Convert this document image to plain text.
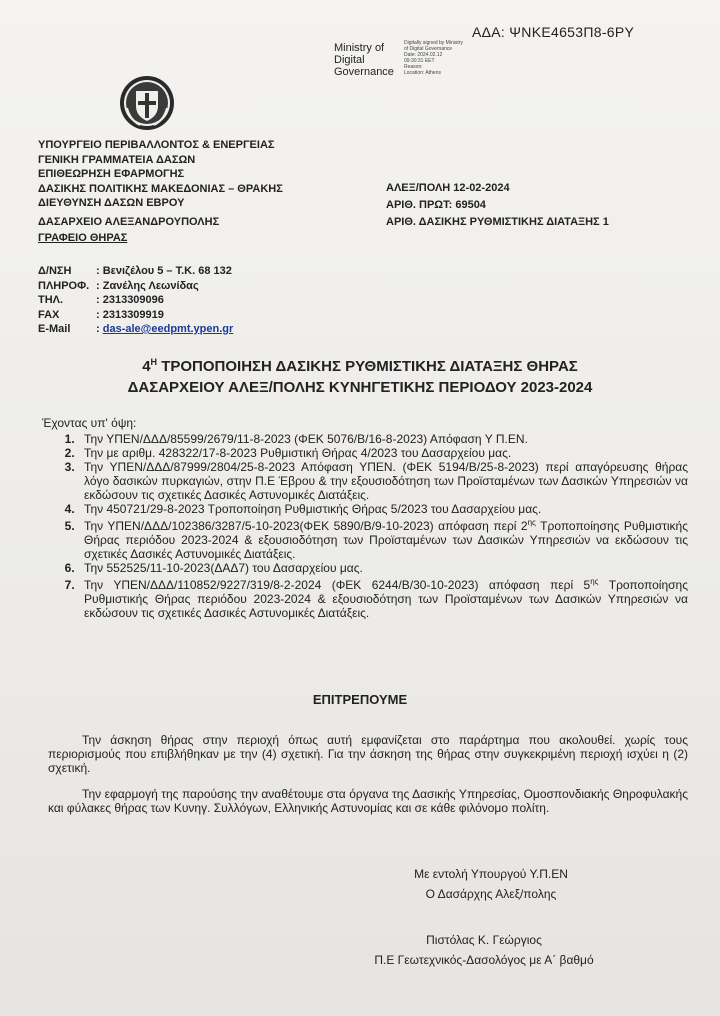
ΑΔΑ: ΨΝΚΕ4653Π8-6ΡΥ
Ministry of
Digital
Governance
Digitally signed by Ministry
of Digital Governance
Date: 2024.02.12
09:30:31 EET
Reason:
Location: Athens
ΥΠΟΥΡΓΕΙΟ ΠΕΡΙΒΑΛΛΟΝΤΟΣ & ΕΝΕΡΓΕΙΑΣ
ΓΕΝΙΚΗ ΓΡΑΜΜΑΤΕΙΑ ΔΑΣΩΝ
ΕΠΙΘΕΩΡΗΣΗ ΕΦΑΡΜΟΓΗΣ
ΔΑΣΙΚΗΣ ΠΟΛΙΤΙΚΗΣ ΜΑΚΕΔΟΝΙΑΣ – ΘΡΑΚΗΣ
ΔΙΕΥΘΥΝΣΗ ΔΑΣΩΝ ΕΒΡΟΥ
ΔΑΣΑΡΧΕΙΟ ΑΛΕΞΑΝΔΡΟΥΠΟΛΗΣ
ΓΡΑΦΕΙΟ ΘΗΡΑΣ
ΑΛΕΞ/ΠΟΛΗ 12-02-2024
ΑΡΙΘ. ΠΡΩΤ: 69504
ΑΡΙΘ. ΔΑΣΙΚΗΣ ΡΥΘΜΙΣΤΙΚΗΣ ΔΙΑΤΑΞΗΣ 1
Δ/ΝΣΗ	: Βενιζέλου 5 – Τ.Κ. 68 132
ΠΛΗΡΟΦ. : Ζανέλης Λεωνίδας
ΤΗΛ.	: 2313309096
FAX	: 2313309919
E-Mail	:
das-ale@eedpmt.ypen.gr
$4^H$ ΤΡΟΠΟΠΟΙΗΣΗ ΔΑΣΙΚΗΣ ΡΥΘΜΙΣΤΙΚΗΣ ΔΙΑΤΑΞΗΣ ΘΗΡΑΣ
ΔΑΣΑΡΧΕΙΟΥ ΑΛΕΞ/ΠΟΛΗΣ ΚΥΝΗΓΕΤΙΚΗΣ ΠΕΡΙΟΔΟΥ 2023-2024
Έχοντας υπ' όψη:
1. Την ΥΠΕΝ/ΔΔΔ/85599/2679/11-8-2023 (ΦΕΚ 5076/Β/16-8-2023) Απόφαση Υ Π.ΕΝ.
2. Την με αριθμ. 428322/17-8-2023 Ρυθμιστική Θήρας 4/2023 του Δασαρχείου μας.
3. Την ΥΠΕΝ/ΔΔΔ/87999/2804/25-8-2023 Απόφαση ΥΠΕΝ. (ΦΕΚ 5194/Β/25-8-2023) περί απαγόρευσης θήρας λόγο δασικών πυρκαγιών, στην Π.Ε Έβρου & την εξουσιοδότηση των Προϊσταμένων των Δασικών Υπηρεσιών να εκδώσουν τις σχετικές Δασικές Αστυνομικές Διατάξεις.
4. Την 450721/29-8-2023 Τροποποίηση Ρυθμιστικής Θήρας 5/2023 του Δασαρχείου μας.
5. Την ΥΠΕΝ/ΔΔΔ/102386/3287/5-10-2023(ΦΕΚ 5890/Β/9-10-2023) απόφαση περί $2^{\eta\varsigma}$ Τροποποίησης Ρυθμιστικής Θήρας περιόδου 2023-2024 & εξουσιοδότηση των Προϊσταμένων των Δασικών Υπηρεσιών να εκδώσουν τις σχετικές Δασικές Αστυνομικές Διατάξεις.
6. Την 552525/11-10-2023(ΔΑΔ7) του Δασαρχείου μας.
7. Την ΥΠΕΝ/ΔΔΔ/110852/9227/319/8-2-2024 (ΦΕΚ 6244/Β/30-10-2023) απόφαση περί $5^{\eta\varsigma}$ Τροποποίησης Ρυθμιστικής Θήρας περιόδου 2023-2024 & εξουσιοδότηση των Προϊσταμένων των Δασικών Υπηρεσιών να εκδώσουν τις σχετικές Δασικές Αστυνομικές Διατάξεις.
ΕΠΙΤΡΕΠΟΥΜΕ
Την άσκηση θήρας στην περιοχή όπως αυτή εμφανίζεται στο παράρτημα που ακολουθεί. χωρίς τους περιορισμούς που επιβλήθηκαν με την (4) σχετική. Για την άσκηση της θήρας στην συγκεκριμένη περιοχή ισχύει η (2) σχετική.
Την εφαρμογή της παρούσης την αναθέτουμε στα όργανα της Δασικής Υπηρεσίας, Ομοσπονδιακής Θηροφυλακής και φύλακες θήρας των Κυνηγ. Συλλόγων, Ελληνικής Αστυνομίας και σε κάθε φιλόνομο πολίτη.
Με εντολή Υπουργού Υ.Π.ΕΝ
Ο Δασάρχης Αλεξ/πολης
Πιστόλας Κ. Γεώργιος
Π.Ε Γεωτεχνικός-Δασολόγος με Α΄ βαθμό
